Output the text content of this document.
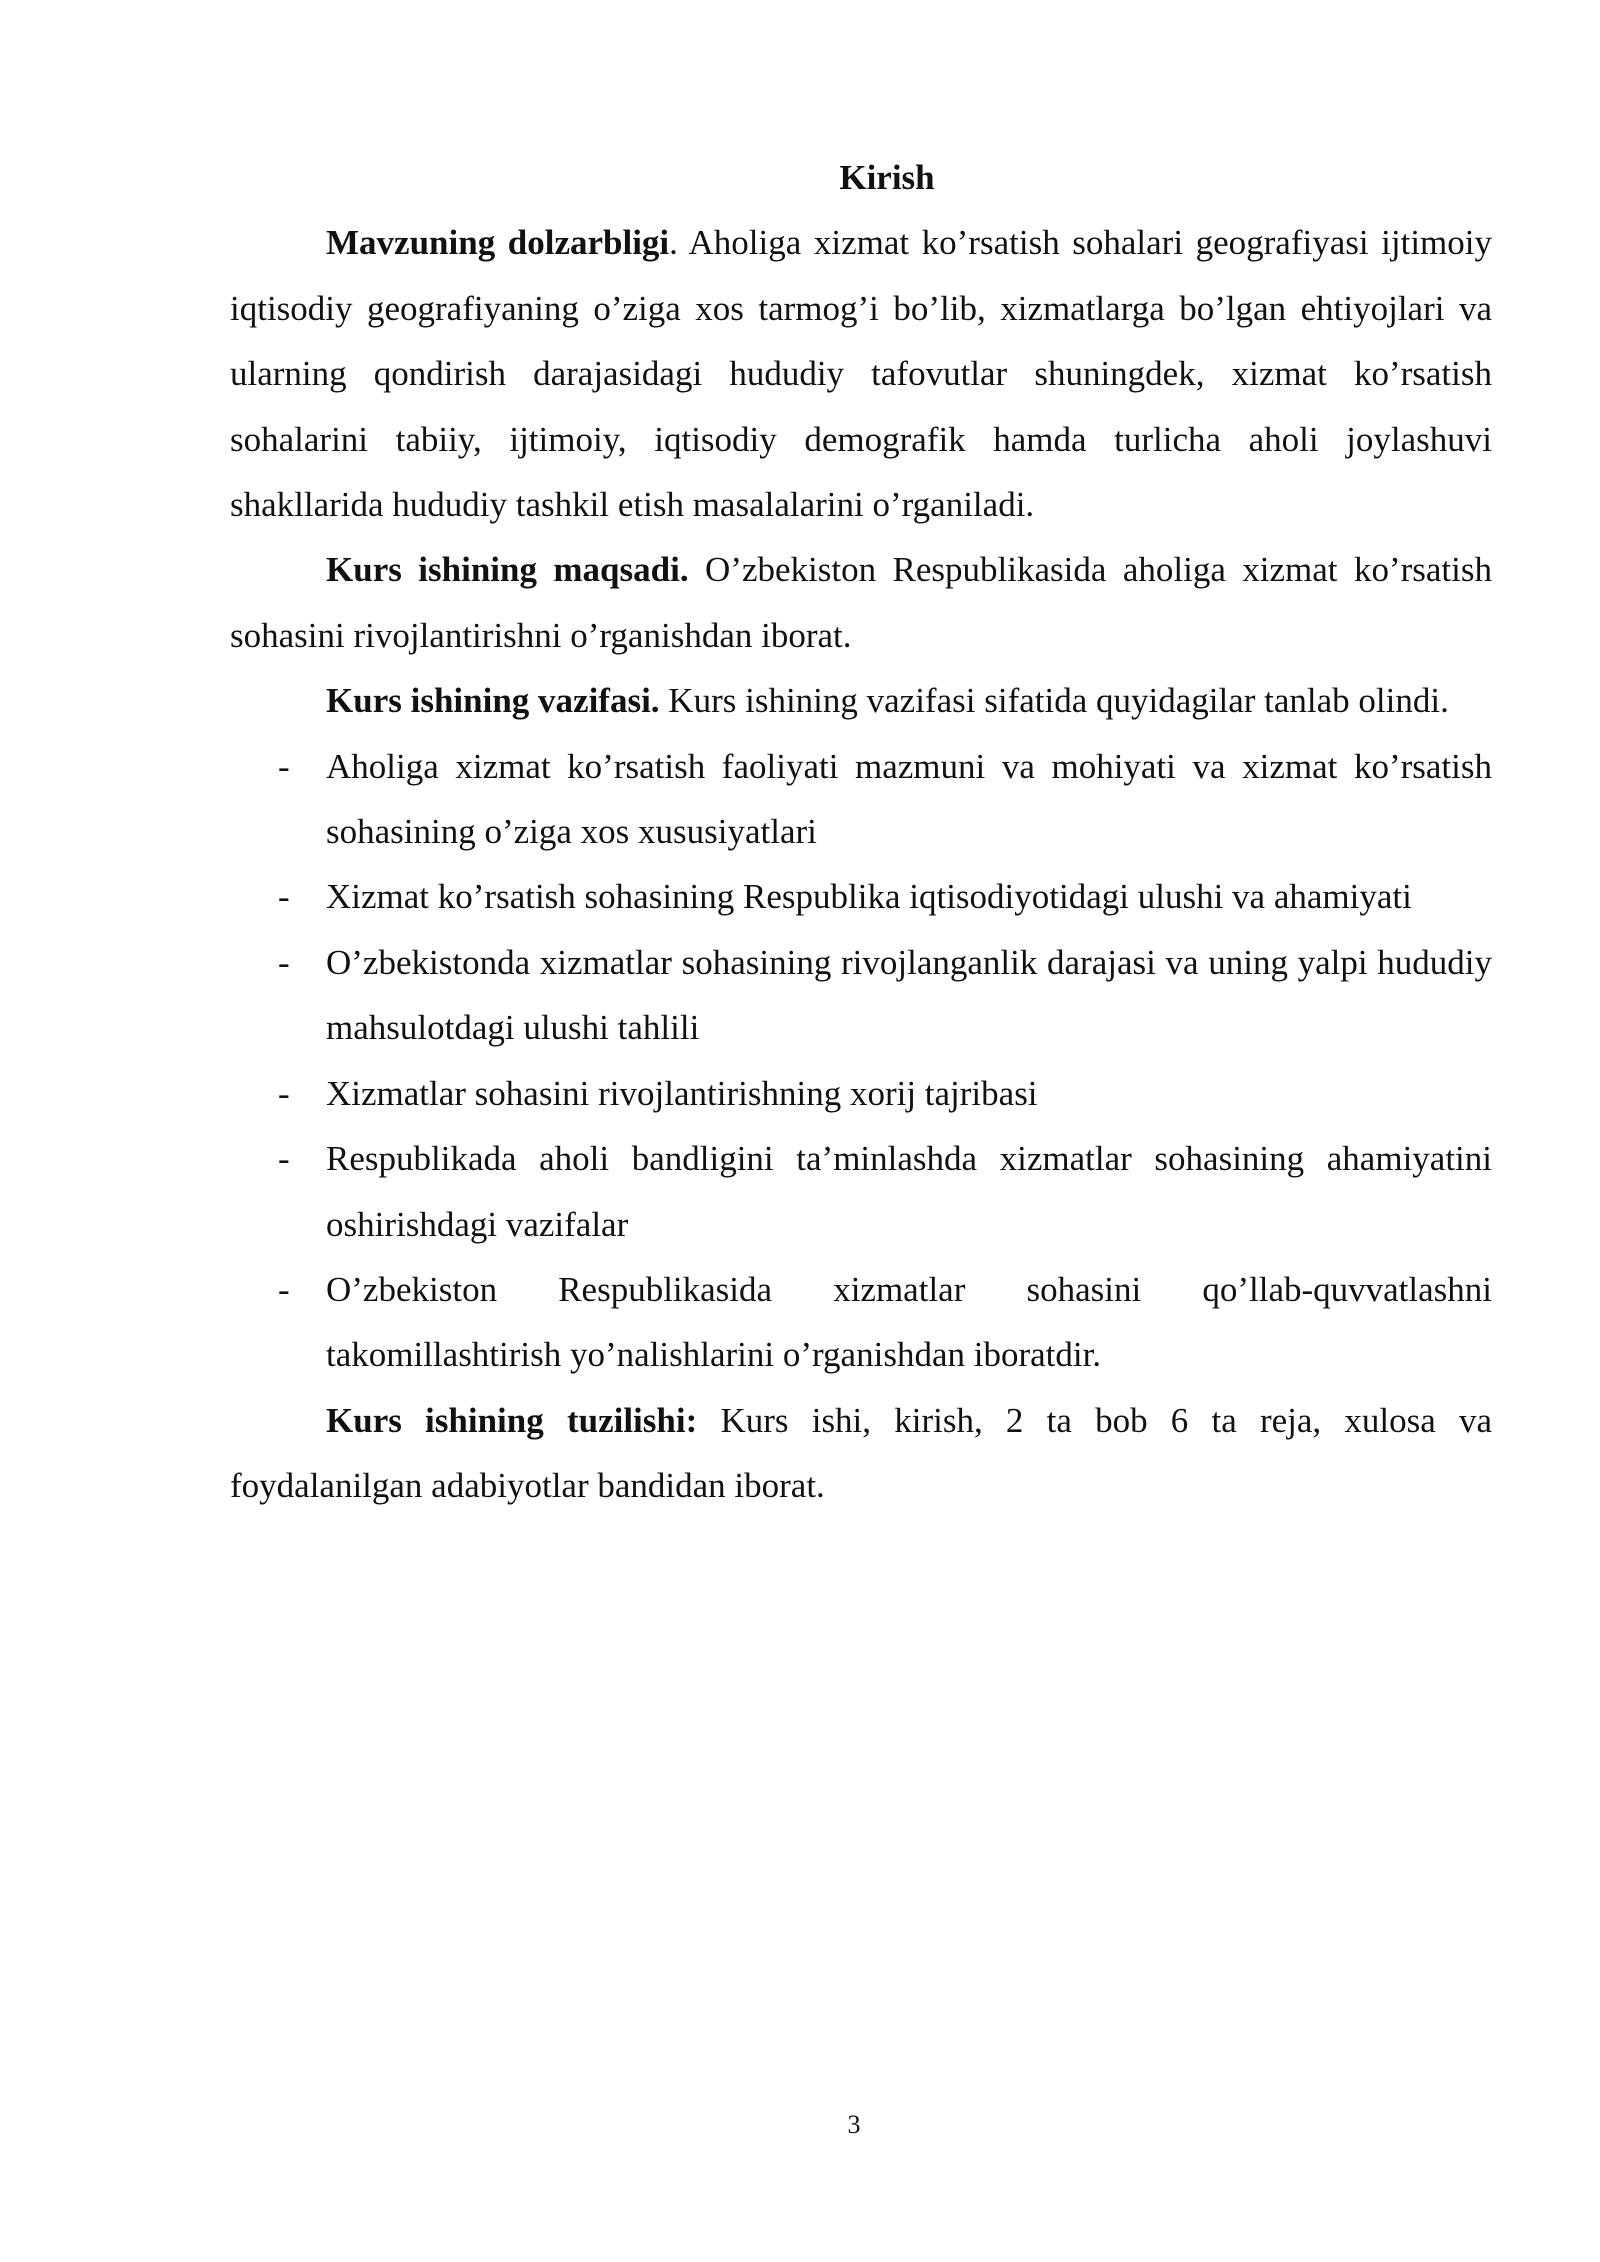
Kirish

Mavzuning dolzarbligi. Aholiga xizmat ko’rsatish sohalari geografiyasi ijtimoiy iqtisodiy geografiyaning o’ziga xos tarmog’i bo’lib, xizmatlarga bo’lgan ehtiyojlari va ularning qondirish darajasidagi hududiy tafovutlar shuningdek, xizmat ko’rsatish sohalarini tabiiy, ijtimoiy, iqtisodiy demografik hamda turlicha aholi joylashuvi shakllarida hududiy tashkil etish masalalarini o’rganiladi.

Kurs ishining maqsadi. O’zbekiston Respublikasida aholiga xizmat ko’rsatish sohasini rivojlantirishni o’rganishdan iborat.

Kurs ishining vazifasi. Kurs ishining vazifasi sifatida quyidagilar tanlab olindi.

- Aholiga xizmat ko’rsatish faoliyati mazmuni va mohiyati va xizmat ko’rsatish sohasining o’ziga xos xususiyatlari
- Xizmat ko’rsatish sohasining Respublika iqtisodiyotidagi ulushi va ahamiyati
- O’zbekistonda xizmatlar sohasining rivojlanganlik darajasi va uning yalpi hududiy mahsulotdagi ulushi tahlili
- Xizmatlar sohasini rivojlantirishning xorij tajribasi
- Respublikada aholi bandligini ta’minlashda xizmatlar sohasining ahamiyatini oshirishdagi vazifalar
- O’zbekiston Respublikasida xizmatlar sohasini qo’llab-quvvatlashni takomillashtirish yo’nalishlarini o’rganishdan iboratdir.

Kurs ishining tuzilishi: Kurs ishi, kirish, 2 ta bob 6 ta reja, xulosa va foydalanilgan adabiyotlar bandidan iborat.

3
